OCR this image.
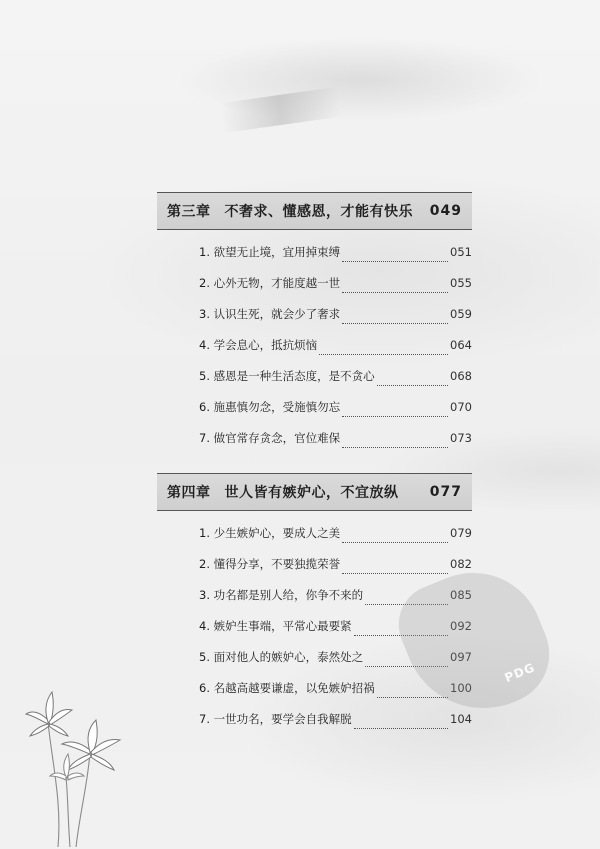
第三章 不奢求、懂感恩，才能有快乐 049
1. 欲望无止境，宜用掉束缚	051
2. 心外无物，才能度越一世	055
3. 认识生死，就会少了奢求	059
4. 学会息心，抵抗烦恼	064
5. 感恩是一种生活态度，是不贪心	068
6. 施惠慎勿念，受施慎勿忘	070
7. 做官常存贪念，官位难保	073
第四章 世人皆有嫉妒心，不宜放纵 077
1. 少生嫉妒心，要成人之美	079
2. 懂得分享，不要独揽荣誉	082
3. 功名都是别人给，你争不来的	085
4. 嫉妒生事端，平常心最要紧	092
5. 面对他人的嫉妒心，泰然处之	097
6. 名越高越要谦虚，以免嫉妒招祸	100
7. 一世功名，要学会自我解脱	104
PDG
